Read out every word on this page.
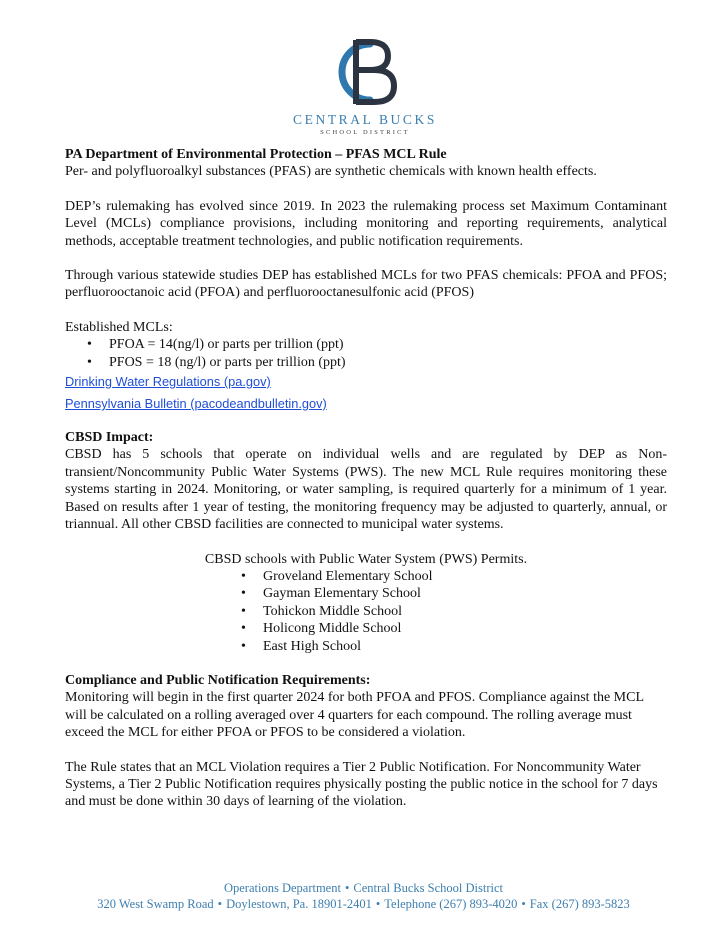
CENTRAL BUCKS
SCHOOL DISTRICT

PA Department of Environmental Protection – PFAS MCL Rule

Per- and polyfluoroalkyl substances (PFAS) are synthetic chemicals with known health effects.

DEP’s rulemaking has evolved since 2019. In 2023 the rulemaking process set Maximum Contaminant Level (MCLs) compliance provisions, including monitoring and reporting requirements, analytical methods, acceptable treatment technologies, and public notification requirements.

Through various statewide studies DEP has established MCLs for two PFAS chemicals: PFOA and PFOS; perfluorooctanoic acid (PFOA) and perfluorooctanesulfonic acid (PFOS)

Established MCLs:

• PFOA = 14(ng/l) or parts per trillion (ppt)
• PFOS = 18 (ng/l) or parts per trillion (ppt)
Drinking Water Regulations (pa.gov)
Pennsylvania Bulletin (pacodeandbulletin.gov)

CBSD Impact:

CBSD has 5 schools that operate on individual wells and are regulated by DEP as Non-transient/Noncommunity Public Water Systems (PWS). The new MCL Rule requires monitoring these systems starting in 2024. Monitoring, or water sampling, is required quarterly for a minimum of 1 year. Based on results after 1 year of testing, the monitoring frequency may be adjusted to quarterly, annual, or triannual. All other CBSD facilities are connected to municipal water systems.

CBSD schools with Public Water System (PWS) Permits.

• Groveland Elementary School
• Gayman Elementary School
• Tohickon Middle School
• Holicong Middle School
• East High School

Compliance and Public Notification Requirements:

Monitoring will begin in the first quarter 2024 for both PFOA and PFOS. Compliance against the MCL will be calculated on a rolling averaged over 4 quarters for each compound. The rolling average must exceed the MCL for either PFOA or PFOS to be considered a violation.

The Rule states that an MCL Violation requires a Tier 2 Public Notification. For Noncommunity Water Systems, a Tier 2 Public Notification requires physically posting the public notice in the school for 7 days and must be done within 30 days of learning of the violation.

Operations Department • Central Bucks School District
320 West Swamp Road • Doylestown, Pa. 18901-2401 • Telephone (267) 893-4020 • Fax (267) 893-5823
